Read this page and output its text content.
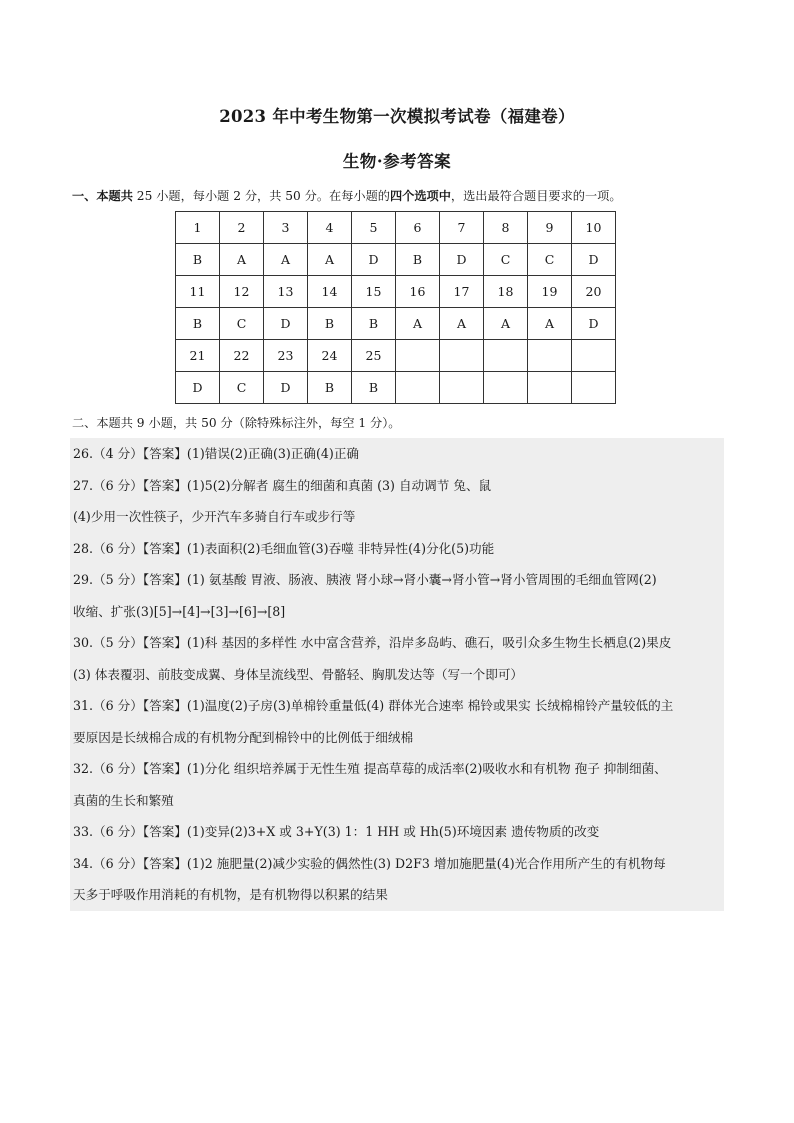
2023 年中考生物第一次模拟考试卷（福建卷）
生物·参考答案
一、本题共 25 小题，每小题 2 分，共 50 分。在每小题的四个选项中，选出最符合题目要求的一项。
1	2	3	4	5	6	7	8	9	10
B	A	A	A	D	B	D	C	C	D
11	12	13	14	15	16	17	18	19	20
B	C	D	B	B	A	A	A	A	D
21	22	23	24	25					
D	C	D	B	B					
二、本题共 9 小题，共 50 分（除特殊标注外，每空 1 分）。
26.（4 分）【答案】(1)错误(2)正确(3)正确(4)正确
27.（6 分）【答案】(1)5(2)分解者 腐生的细菌和真菌 (3) 自动调节 兔、鼠
(4)少用一次性筷子，少开汽车多骑自行车或步行等
28.（6 分）【答案】(1)表面积(2)毛细血管(3)吞噬 非特异性(4)分化(5)功能
29.（5 分）【答案】(1) 氨基酸 胃液、肠液、胰液 肾小球→肾小囊→肾小管→肾小管周围的毛细血管网(2)
收缩、扩张(3)[5]→[4]→[3]→[6]→[8]
30.（5 分）【答案】(1)科 基因的多样性 水中富含营养，沿岸多岛屿、礁石，吸引众多生物生长栖息(2)果皮
(3) 体表覆羽、前肢变成翼、身体呈流线型、骨骼轻、胸肌发达等（写一个即可）
31.（6 分）【答案】(1)温度(2)子房(3)单棉铃重量低(4) 群体光合速率 棉铃或果实 长绒棉棉铃产量较低的主
要原因是长绒棉合成的有机物分配到棉铃中的比例低于细绒棉
32.（6 分）【答案】(1)分化 组织培养属于无性生殖 提高草莓的成活率(2)吸收水和有机物 孢子 抑制细菌、
真菌的生长和繁殖
33.（6 分）【答案】(1)变异(2)3+X 或 3+Y(3) 1：1 HH 或 Hh(5)环境因素 遗传物质的改变
34.（6 分）【答案】(1)2 施肥量(2)减少实验的偶然性(3) D2F3 增加施肥量(4)光合作用所产生的有机物每
天多于呼吸作用消耗的有机物，是有机物得以积累的结果
